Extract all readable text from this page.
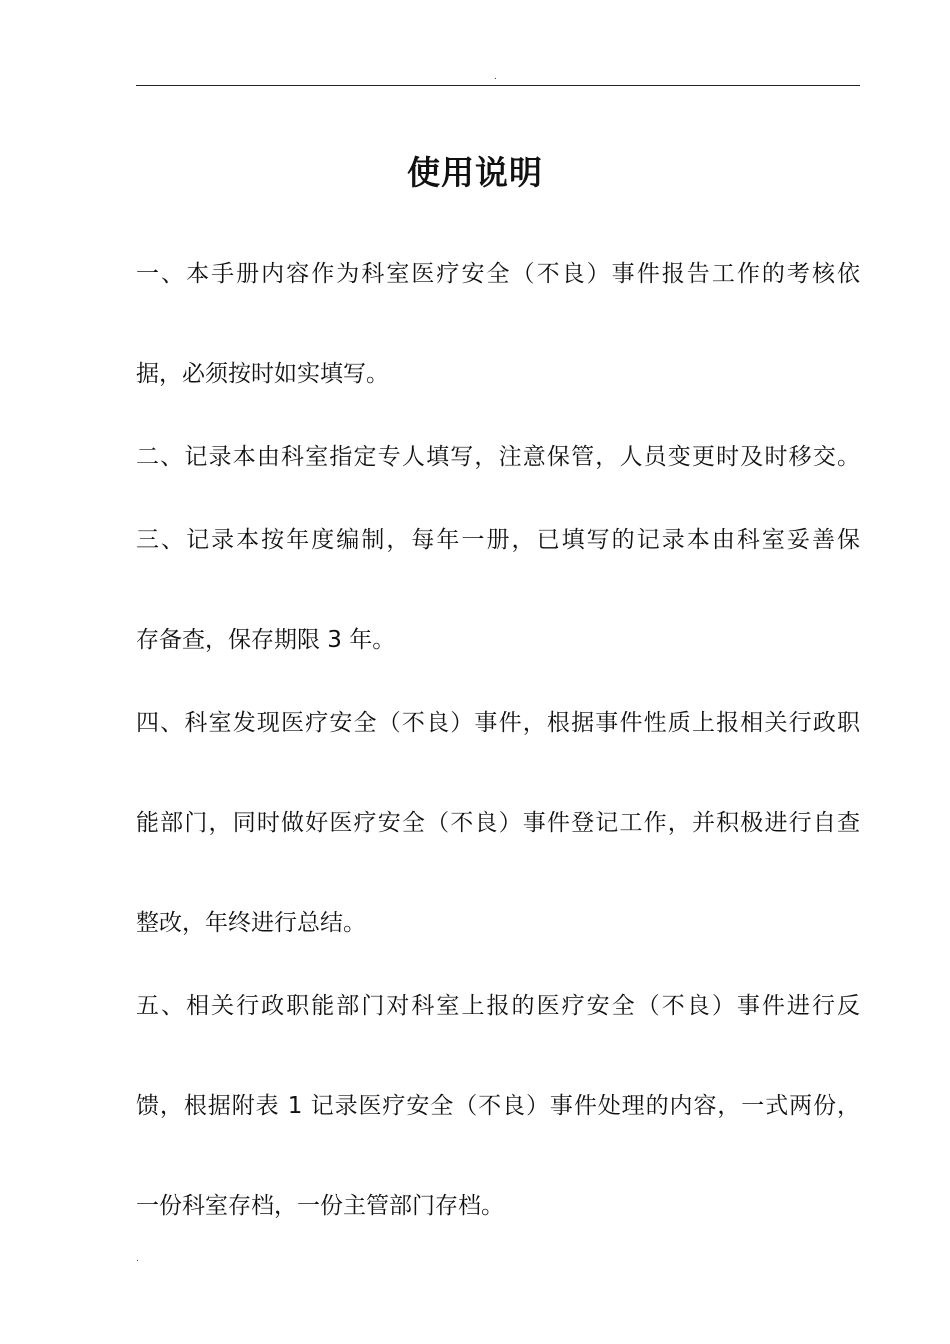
.
使用说明
一、本手册内容作为科室医疗安全（不良）事件报告工作的考核依
据，必须按时如实填写。
二、记录本由科室指定专人填写，注意保管，人员变更时及时移交。
三、记录本按年度编制，每年一册，已填写的记录本由科室妥善保
存备查，保存期限 3 年。
四、科室发现医疗安全（不良）事件，根据事件性质上报相关行政职
能部门，同时做好医疗安全（不良）事件登记工作，并积极进行自查
整改，年终进行总结。
五、相关行政职能部门对科室上报的医疗安全（不良）事件进行反
馈，根据附表 1 记录医疗安全（不良）事件处理的内容，一式两份，
一份科室存档，一份主管部门存档。
.
